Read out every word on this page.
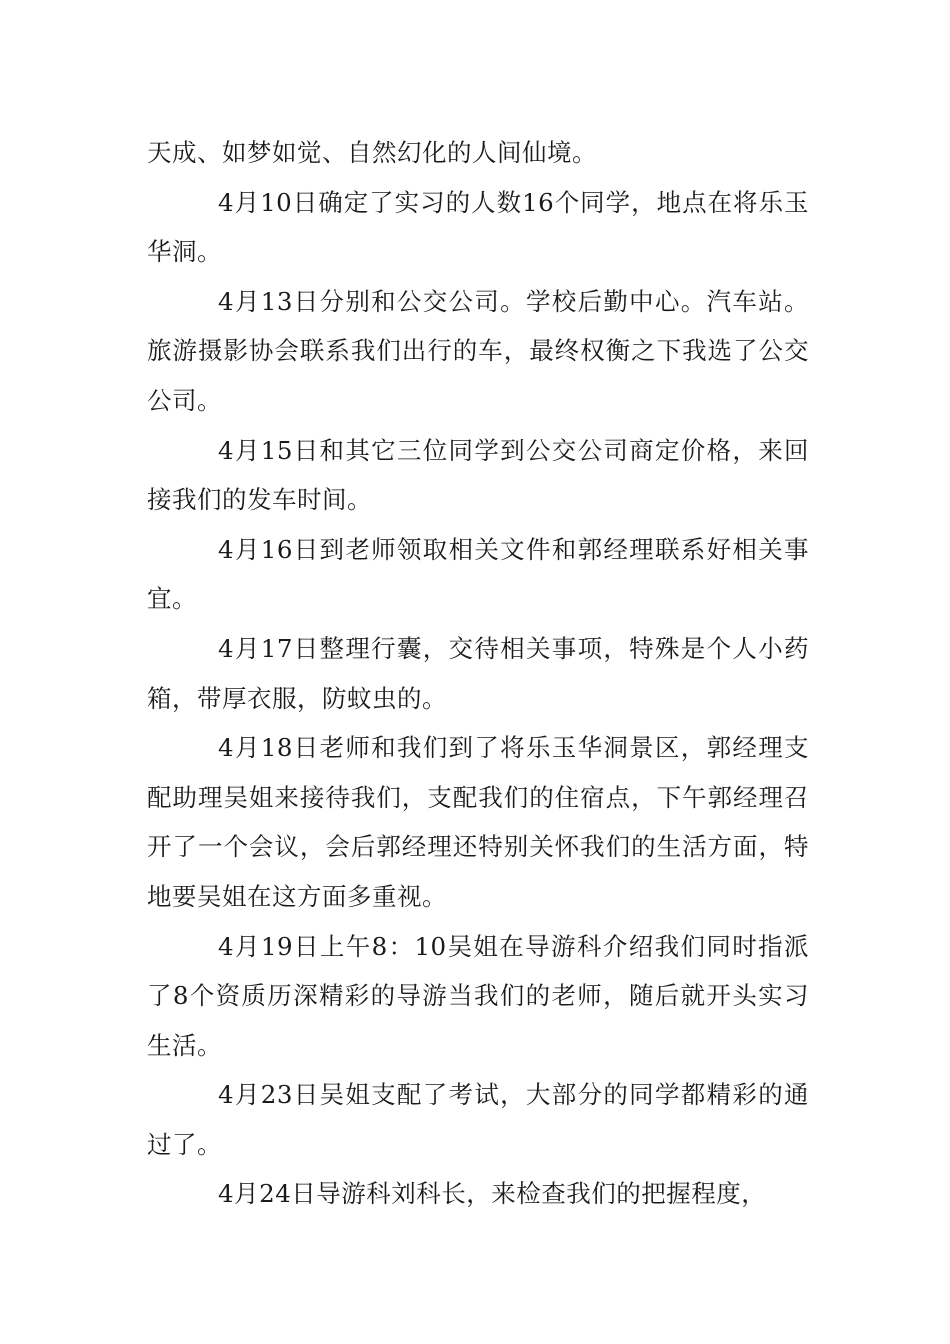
天成、如梦如觉、自然幻化的人间仙境。

4月10日确定了实习的人数16个同学，地点在将乐玉华洞。

4月13日分别和公交公司。学校后勤中心。汽车站。旅游摄影协会联系我们出行的车，最终权衡之下我选了公交公司。

4月15日和其它三位同学到公交公司商定价格，来回接我们的发车时间。

4月16日到老师领取相关文件和郭经理联系好相关事宜。

4月17日整理行囊，交待相关事项，特殊是个人小药箱，带厚衣服，防蚊虫的。

4月18日老师和我们到了将乐玉华洞景区，郭经理支配助理吴姐来接待我们，支配我们的住宿点，下午郭经理召开了一个会议，会后郭经理还特别关怀我们的生活方面，特地要吴姐在这方面多重视。

4月19日上午8：10吴姐在导游科介绍我们同时指派了8个资质历深精彩的导游当我们的老师，随后就开头实习生活。

4月23日吴姐支配了考试，大部分的同学都精彩的通过了。

4月24日导游科刘科长，来检查我们的把握程度，
